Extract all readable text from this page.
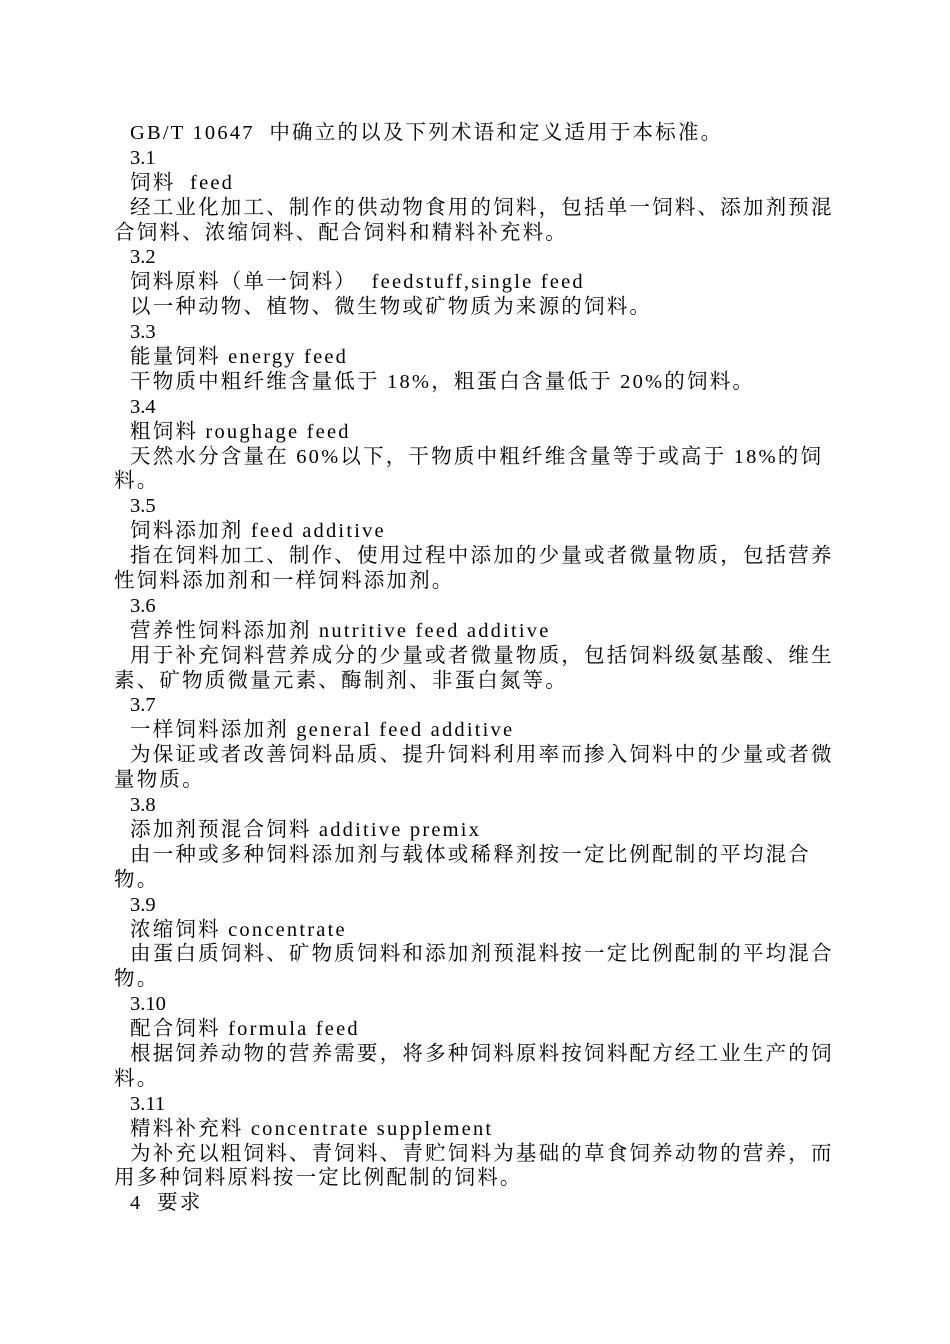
GB/T 10647  中确立的以及下列术语和定义适用于本标准。
3.1
饲料  feed
经工业化加工、制作的供动物食用的饲料，包括单一饲料、添加剂预混
合饲料、浓缩饲料、配合饲料和精料补充料。
3.2
饲料原料（单一饲料）  feedstuff,single feed
以一种动物、植物、微生物或矿物质为来源的饲料。
3.3
能量饲料 energy feed
干物质中粗纤维含量低于 18%，粗蛋白含量低于 20%的饲料。
3.4
粗饲料 roughage feed
天然水分含量在 60%以下，干物质中粗纤维含量等于或高于 18%的饲
料。
3.5
饲料添加剂 feed additive
指在饲料加工、制作、使用过程中添加的少量或者微量物质，包括营养
性饲料添加剂和一样饲料添加剂。
3.6
营养性饲料添加剂 nutritive feed additive
用于补充饲料营养成分的少量或者微量物质，包括饲料级氨基酸、维生
素、矿物质微量元素、酶制剂、非蛋白氮等。
3.7
一样饲料添加剂 general feed additive
为保证或者改善饲料品质、提升饲料利用率而掺入饲料中的少量或者微
量物质。
3.8
添加剂预混合饲料 additive premix
由一种或多种饲料添加剂与载体或稀释剂按一定比例配制的平均混合
物。
3.9
浓缩饲料 concentrate
由蛋白质饲料、矿物质饲料和添加剂预混料按一定比例配制的平均混合
物。
3.10
配合饲料 formula feed
根据饲养动物的营养需要，将多种饲料原料按饲料配方经工业生产的饲
料。
3.11
精料补充料 concentrate supplement
为补充以粗饲料、青饲料、青贮饲料为基础的草食饲养动物的营养，而
用多种饲料原料按一定比例配制的饲料。
4  要求
